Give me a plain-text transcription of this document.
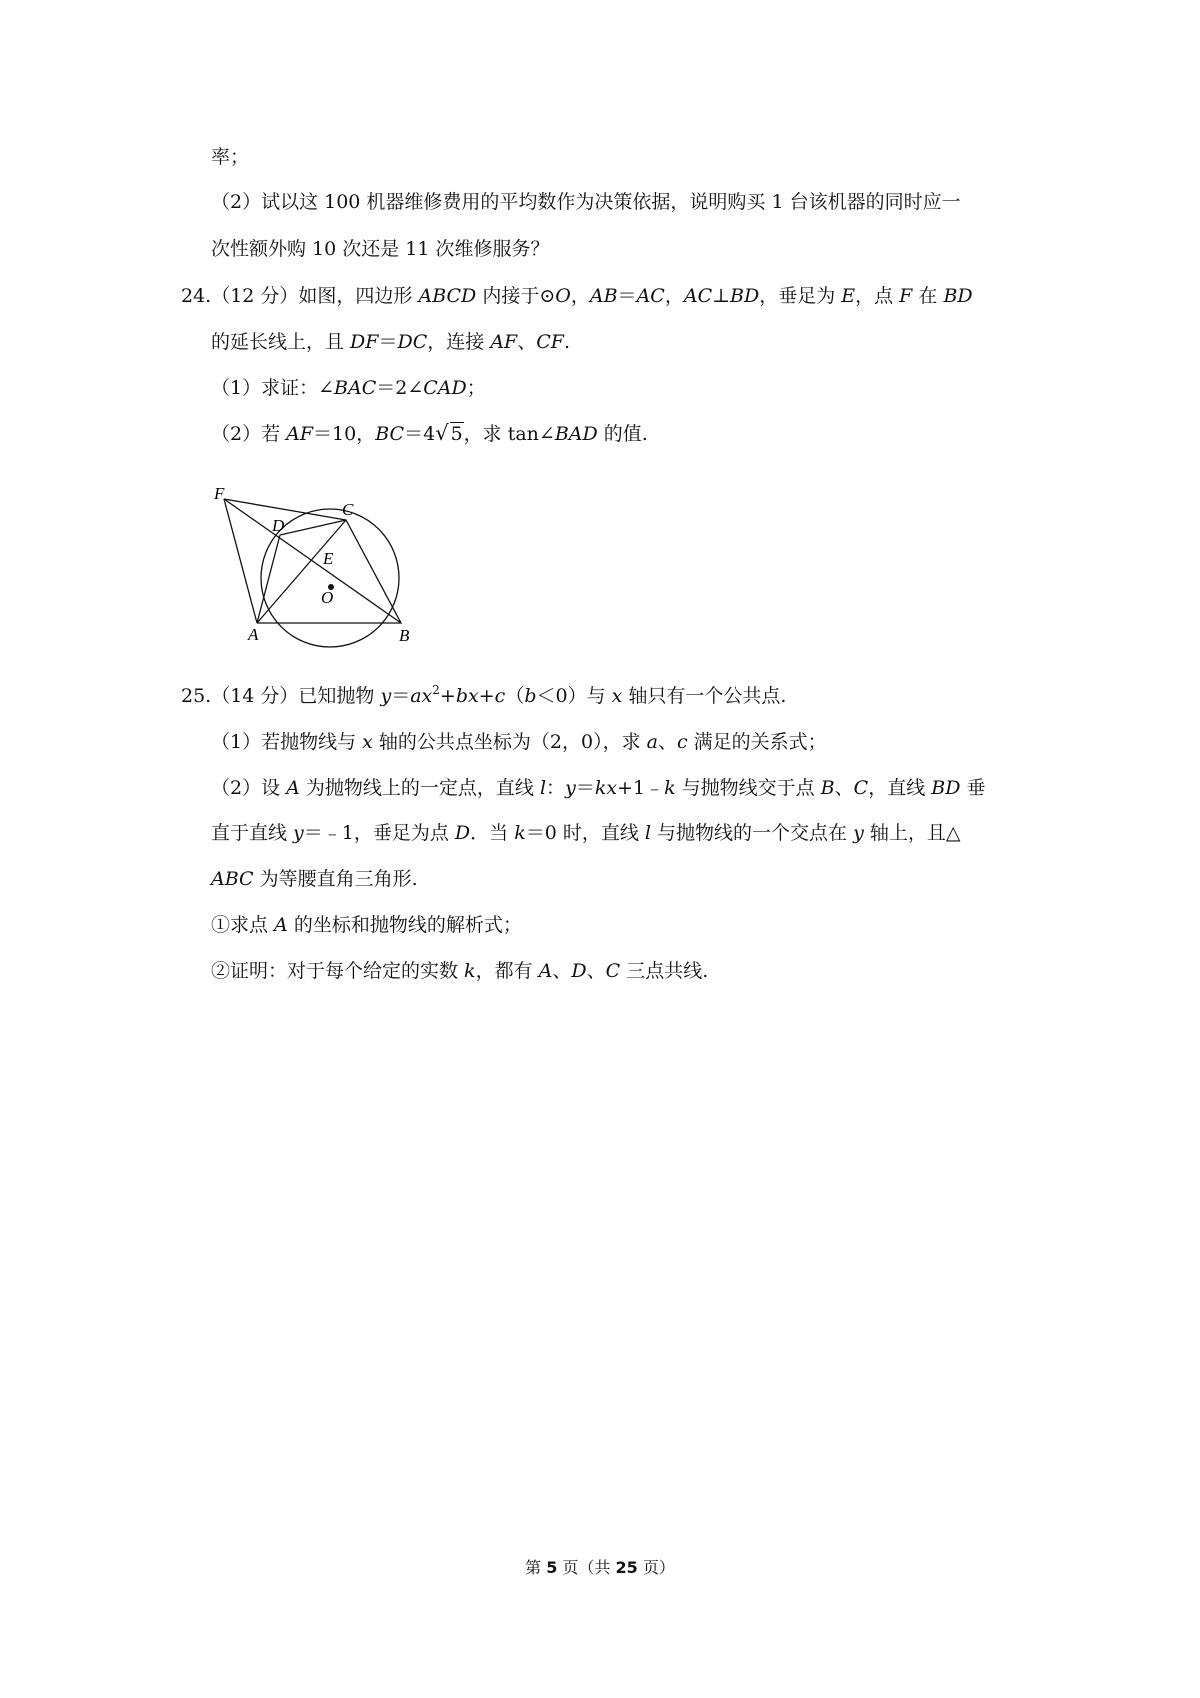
率；
（2）试以这 100 机器维修费用的平均数作为决策依据，说明购买 1 台该机器的同时应一
次性额外购 10 次还是 11 次维修服务？
24.（12 分）如图，四边形 ABCD 内接于⊙O，AB＝AC，AC⊥BD，垂足为 E，点 F 在 BD
的延长线上，且 DF＝DC，连接 AF、CF.
（1）求证：∠BAC＝2∠CAD；
（2）若 AF＝10，BC＝4√ 5，求 tan∠BAD 的值.
F
C
D
E
O
A	B
25.（14 分）已知抛物 $y=ax^2+bx+c(b<0)$与 x 轴只有一个公共点.
（1）若抛物线与 x 轴的公共点坐标为（2，0），求 a、c 满足的关系式；
（2）设 A 为抛物线上的一定点，直线 l：y＝kx+1﹣k 与抛物线交于点 B、C，直线 BD 垂
直于直线 y＝﹣1，垂足为点 D．当 k＝0 时，直线 l 与抛物线的一个交点在 y 轴上，且△
ABC 为等腰直角三角形.
①求点 A 的坐标和抛物线的解析式；
②证明：对于每个给定的实数 k，都有 A、D、C 三点共线.
第 5 页（共 25 页）
